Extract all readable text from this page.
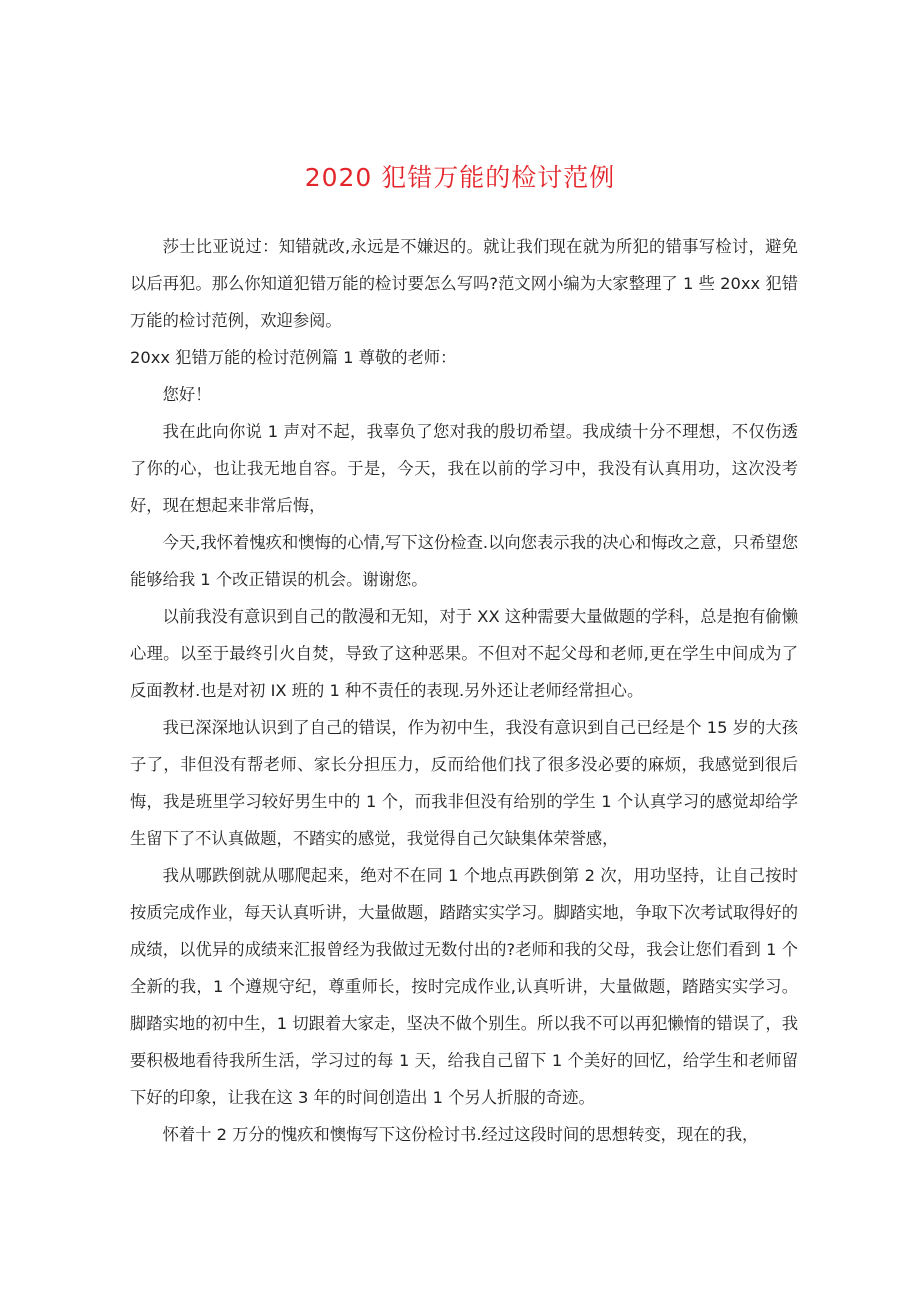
2020 犯错万能的检讨范例

莎士比亚说过：知错就改,永远是不嫌迟的。就让我们现在就为所犯的错事写检讨，避免以后再犯。那么你知道犯错万能的检讨要怎么写吗?范文网小编为大家整理了 1 些 20xx 犯错万能的检讨范例，欢迎参阅。

20xx 犯错万能的检讨范例篇 1 尊敬的老师：

您好！

我在此向你说 1 声对不起，我辜负了您对我的殷切希望。我成绩十分不理想，不仅伤透了你的心，也让我无地自容。于是，今天，我在以前的学习中，我没有认真用功，这次没考好，现在想起来非常后悔，

今天,我怀着愧疚和懊悔的心情,写下这份检查.以向您表示我的决心和悔改之意，只希望您能够给我 1 个改正错误的机会。谢谢您。

以前我没有意识到自己的散漫和无知，对于 XX 这种需要大量做题的学科，总是抱有偷懒心理。以至于最终引火自焚，导致了这种恶果。不但对不起父母和老师,更在学生中间成为了反面教材.也是对初 IX 班的 1 种不责任的表现.另外还让老师经常担心。

我已深深地认识到了自己的错误，作为初中生，我没有意识到自己已经是个 15 岁的大孩子了，非但没有帮老师、家长分担压力，反而给他们找了很多没必要的麻烦，我感觉到很后悔，我是班里学习较好男生中的 1 个，而我非但没有给别的学生 1 个认真学习的感觉却给学生留下了不认真做题，不踏实的感觉，我觉得自己欠缺集体荣誉感，

我从哪跌倒就从哪爬起来，绝对不在同 1 个地点再跌倒第 2 次，用功坚持，让自己按时按质完成作业，每天认真听讲，大量做题，踏踏实实学习。脚踏实地，争取下次考试取得好的成绩，以优异的成绩来汇报曾经为我做过无数付出的?老师和我的父母，我会让您们看到 1 个全新的我，1 个遵规守纪，尊重师长，按时完成作业,认真听讲，大量做题，踏踏实实学习。脚踏实地的初中生，1 切跟着大家走，坚决不做个别生。所以我不可以再犯懒惰的错误了，我要积极地看待我所生活，学习过的每 1 天，给我自己留下 1 个美好的回忆，给学生和老师留下好的印象，让我在这 3 年的时间创造出 1 个另人折服的奇迹。

怀着十 2 万分的愧疚和懊悔写下这份检讨书.经过这段时间的思想转变，现在的我，
